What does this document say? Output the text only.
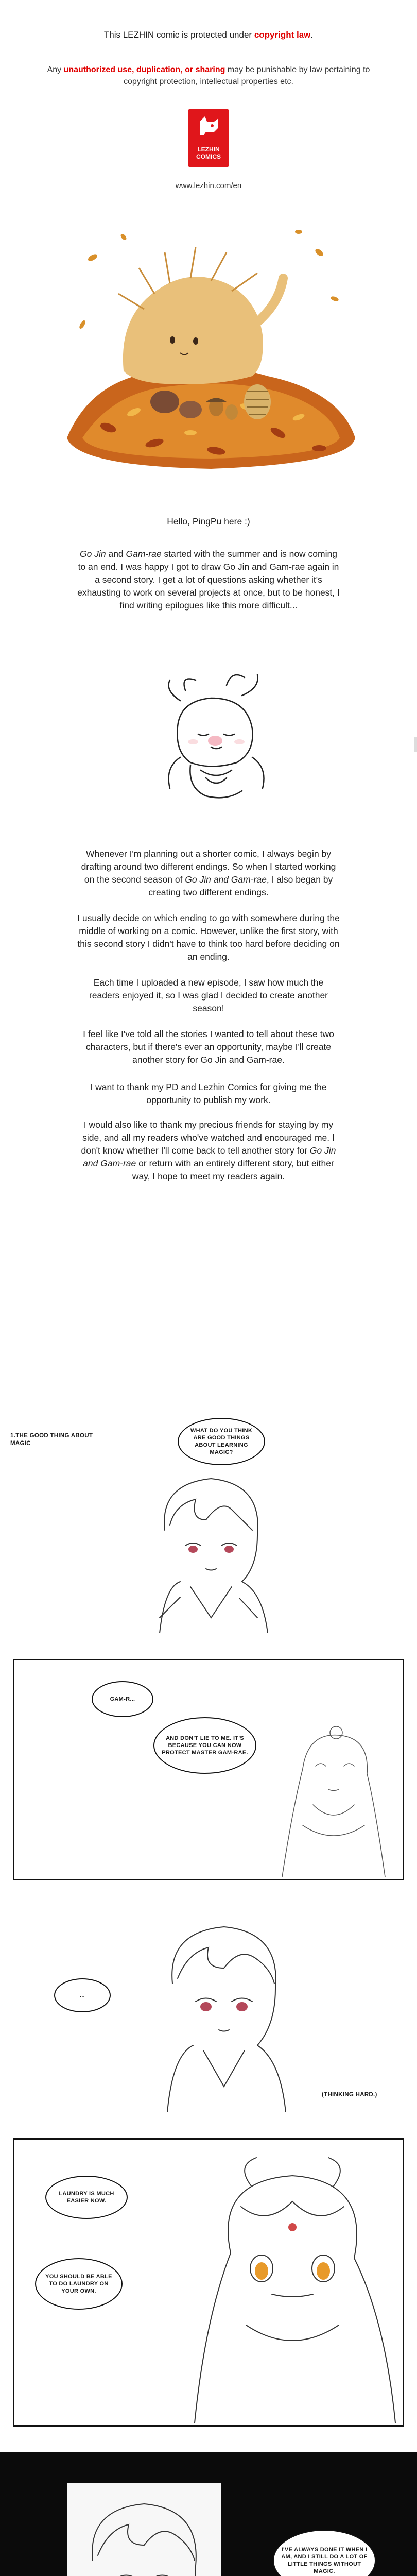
This LEZHIN comic is protected under copyright law.
Any unauthorized use, duplication, or sharing may be punishable by law pertaining to copyright protection, intellectual properties etc.
LEZHIN
COMICS
www.lezhin.com/en

Hello, PingPu here :)

Go Jin and Gam-rae started with the summer and is now coming to an end. I was happy I got to draw Go Jin and Gam-rae again in a second story. I get a lot of questions asking whether it's exhausting to work on several projects at once, but to be honest, I find writing epilogues like this more difficult...

Whenever I'm planning out a shorter comic, I always begin by drafting around two different endings. So when I started working on the second season of Go Jin and Gam-rae, I also began by creating two different endings.

I usually decide on which ending to go with somewhere during the middle of working on a comic. However, unlike the first story, with this second story I didn't have to think too hard before deciding on an ending.

Each time I uploaded a new episode, I saw how much the readers enjoyed it, so I was glad I decided to create another season!

I feel like I've told all the stories I wanted to tell about these two characters, but if there's ever an opportunity, maybe I'll create another story for Go Jin and Gam-rae.

I want to thank my PD and Lezhin Comics for giving me the opportunity to publish my work.

I would also like to thank my precious friends for staying by my side, and all my readers who've watched and encouraged me. I don't know whether I'll come back to tell another story for Go Jin and Gam-rae or return with an entirely different story, but either way, I hope to meet my readers again.

1.THE GOOD THING ABOUT MAGIC
WHAT DO YOU THINK ARE GOOD THINGS ABOUT LEARNING MAGIC?
GAM-R...
AND DON'T LIE TO ME. IT'S BECAUSE YOU CAN NOW PROTECT MASTER GAM-RAE.
...
(THINKING HARD.)
LAUNDRY IS MUCH EASIER NOW.
YOU SHOULD BE ABLE TO DO LAUNDRY ON YOUR OWN.
I'VE ALWAYS DONE IT WHEN I AM, AND I STILL DO A LOT OF LITTLE THINGS WITHOUT MAGIC.
